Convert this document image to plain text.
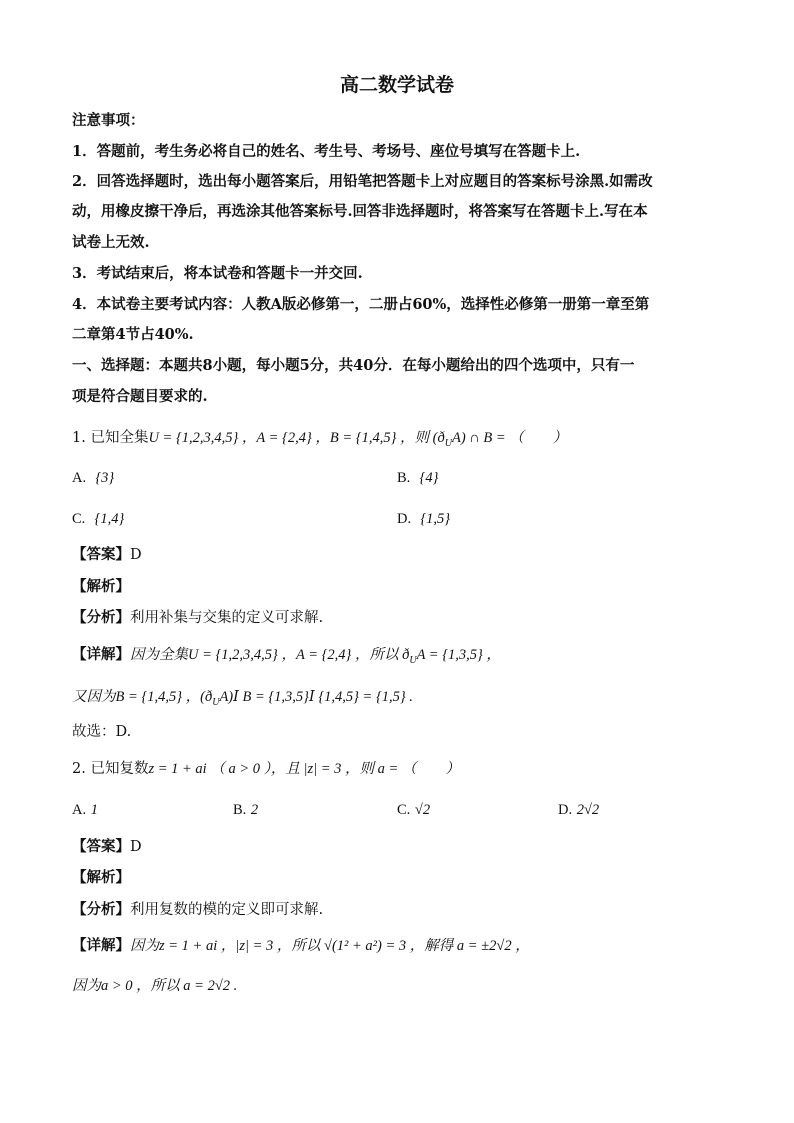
高二数学试卷
注意事项：
1．答题前，考生务必将自己的姓名、考生号、考场号、座位号填写在答题卡上.
2．回答选择题时，选出每小题答案后，用铅笔把答题卡上对应题目的答案标号涂黑.如需改
动，用橡皮擦干净后，再选涂其他答案标号.回答非选择题时，将答案写在答题卡上.写在本
试卷上无效.
3．考试结束后，将本试卷和答题卡一并交回.
4．本试卷主要考试内容：人教A版必修第一，二册占60%，选择性必修第一册第一章至第
二章第4节占40%.
一、选择题：本题共8小题，每小题5分，共40分．在每小题给出的四个选项中，只有一
项是符合题目要求的.
1. 已知全集U = {1,2,3,4,5} ，A = {2,4} ，B = {1,4,5} ，则 $(ð_UA)$ ∩ B = （　　）
A. {3}	B. {4}
C. {1,4}	D. {1,5}
【答案】D
【解析】
【分析】利用补集与交集的定义可求解.
【详解】因为全集U = {1,2,3,4,5} ，A = {2,4} ，所以 $ð_UA = \{1,3,5\}$ ，
又因为B = {1,4,5} ，$(ð_UA)Ⅰ$ B = {1,3,5}Ⅰ {1,4,5} = {1,5} .
故选：D.
2. 已知复数z = 1 + ai （ a > 0 ），且 |z| = 3 ，则 a = （　　）
A. 1	B. 2	C. √2	D. 2√2
【答案】D
【解析】
【分析】利用复数的模的定义即可求解.
【详解】因为z = 1 + ai ，|z| = 3 ，所以 √(1² + a²) = 3 ，解得 a = ±2√2 ，
因为a > 0 ，所以 a = 2√2 .
